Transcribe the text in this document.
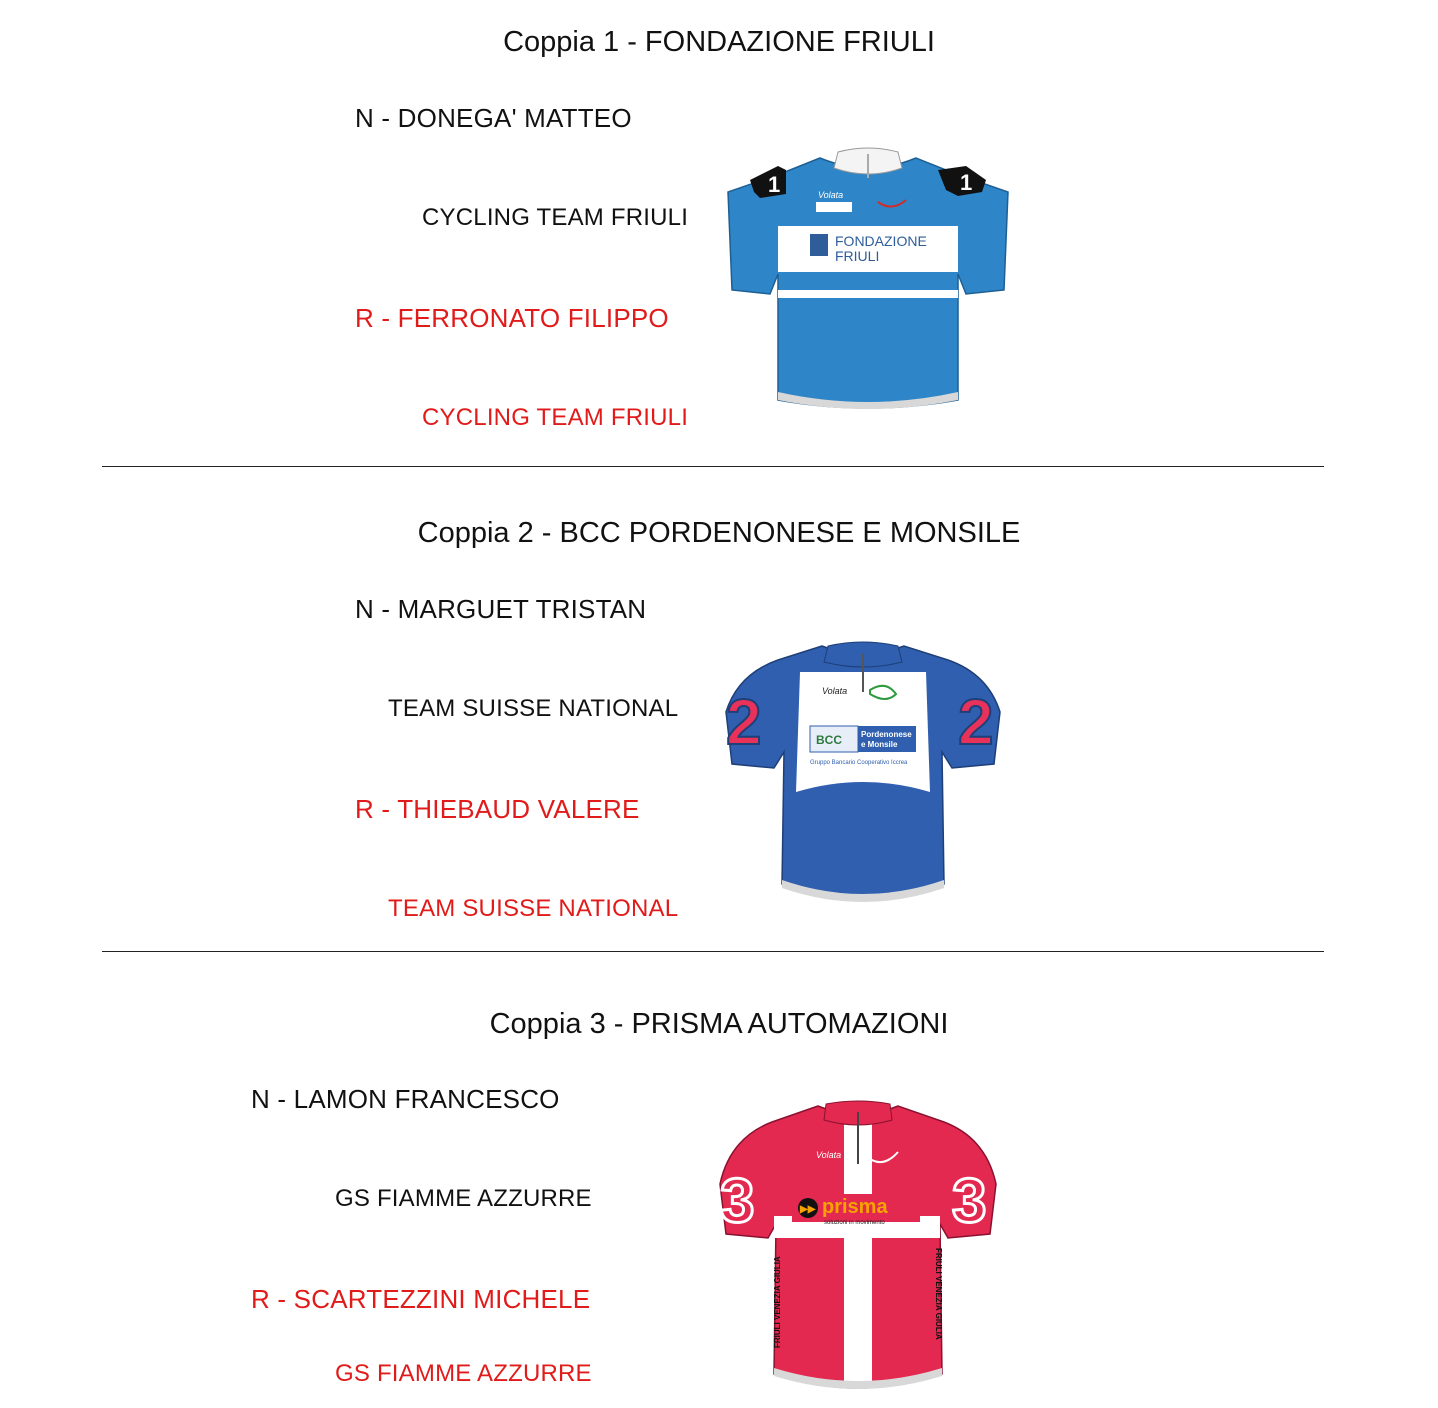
Coppia 1 - FONDAZIONE FRIULI
N - DONEGA' MATTEO
CYCLING TEAM FRIULI
R - FERRONATO FILIPPO
CYCLING TEAM FRIULI
1	1
Volata
FONDAZIONE
FRIULI
Coppia 2 - BCC PORDENONESE E MONSILE
N - MARGUET TRISTAN
TEAM SUISSE NATIONAL
R - THIEBAUD VALERE
TEAM SUISSE NATIONAL
2	2
Volata
BCC Pordenonese
e Monsile
Gruppo Bancario Cooperativo Iccrea
Coppia 3 - PRISMA AUTOMAZIONI
N - LAMON FRANCESCO
GS FIAMME AZZURRE
R - SCARTEZZINI MICHELE
GS FIAMME AZZURRE
3	3
Volata
▶▶ prisma
soluzioni in movimento
FRIULI VENEZIA GIULIA	FRIULI VENEZIA GIULIA
